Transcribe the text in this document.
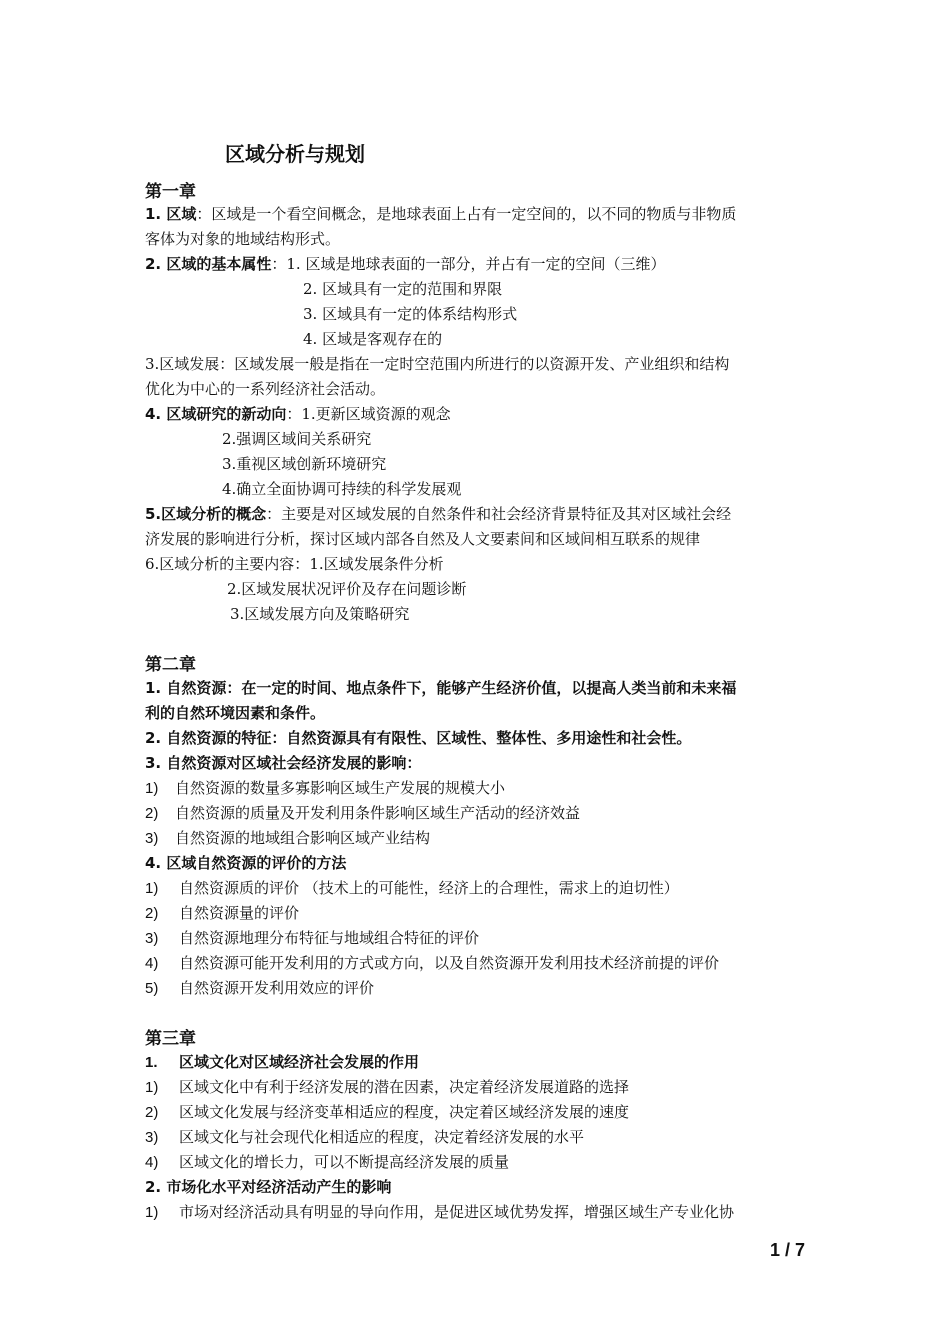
区域分析与规划
第一章
1. 区域：区域是一个看空间概念，是地球表面上占有一定空间的，以不同的物质与非物质
客体为对象的地域结构形式。
2. 区域的基本属性：1. 区域是地球表面的一部分，并占有一定的空间（三维）
2. 区域具有一定的范围和界限
3. 区域具有一定的体系结构形式
4. 区域是客观存在的
3.区域发展：区域发展一般是指在一定时空范围内所进行的以资源开发、产业组织和结构
优化为中心的一系列经济社会活动。
4. 区域研究的新动向：1.更新区域资源的观念
2.强调区域间关系研究
3.重视区域创新环境研究
4.确立全面协调可持续的科学发展观
5.区域分析的概念：主要是对区域发展的自然条件和社会经济背景特征及其对区域社会经
济发展的影响进行分析，探讨区域内部各自然及人文要素间和区域间相互联系的规律
6.区域分析的主要内容：1.区域发展条件分析
2.区域发展状况评价及存在问题诊断
3.区域发展方向及策略研究
第二章
1. 自然资源：在一定的时间、地点条件下，能够产生经济价值，以提高人类当前和未来福
利的自然环境因素和条件。
2. 自然资源的特征：自然资源具有有限性、区域性、整体性、多用途性和社会性。
3. 自然资源对区域社会经济发展的影响：
1) 自然资源的数量多寡影响区域生产发展的规模大小
2) 自然资源的质量及开发利用条件影响区域生产活动的经济效益
3) 自然资源的地域组合影响区域产业结构
4. 区域自然资源的评价的方法
1) 自然资源质的评价 （技术上的可能性，经济上的合理性，需求上的迫切性）
2) 自然资源量的评价
3) 自然资源地理分布特征与地域组合特征的评价
4) 自然资源可能开发利用的方式或方向，以及自然资源开发利用技术经济前提的评价
5) 自然资源开发利用效应的评价
第三章
1. 区域文化对区域经济社会发展的作用
1) 区域文化中有利于经济发展的潜在因素，决定着经济发展道路的选择
2) 区域文化发展与经济变革相适应的程度，决定着区域经济发展的速度
3) 区域文化与社会现代化相适应的程度，决定着经济发展的水平
4) 区域文化的增长力，可以不断提高经济发展的质量
2. 市场化水平对经济活动产生的影响
1) 市场对经济活动具有明显的导向作用，是促进区域优势发挥，增强区域生产专业化协
1 / 7
